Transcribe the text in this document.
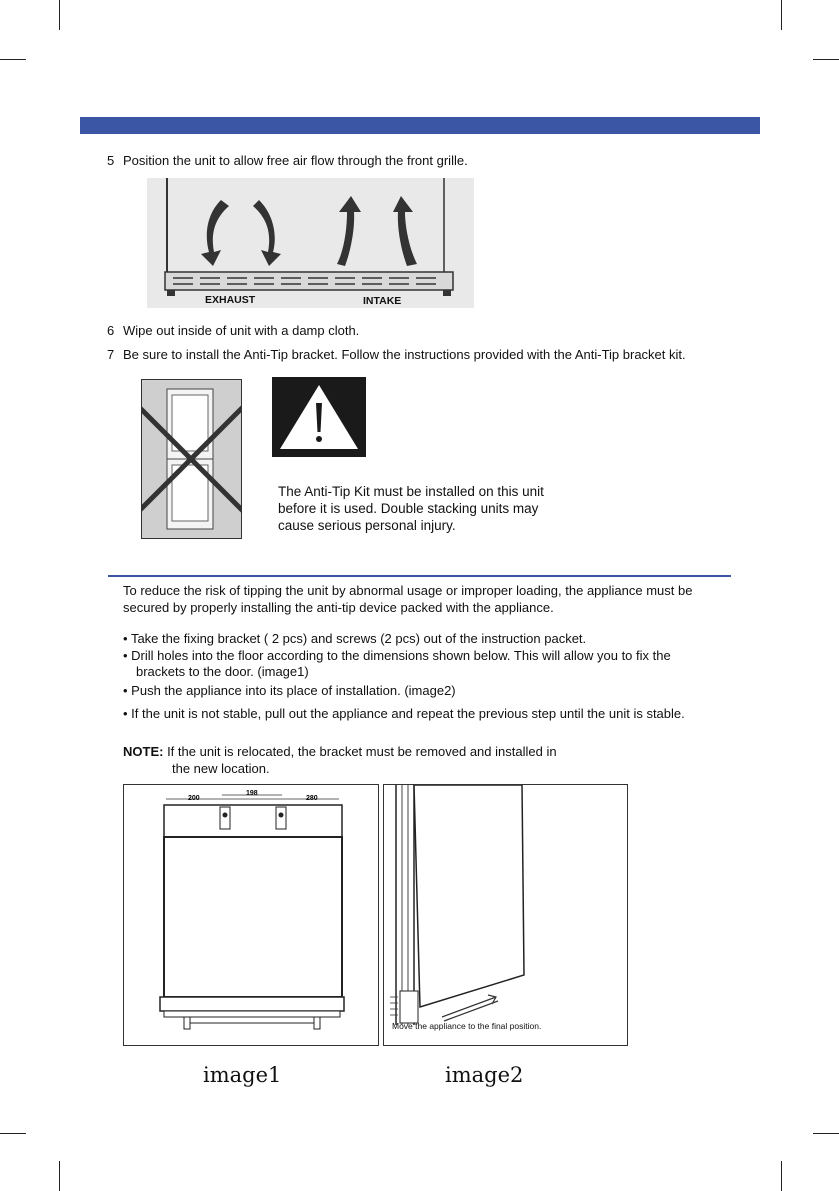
5 Position the unit to allow free air flow through the front grille.
EXHAUST	INTAKE
6 Wipe out inside of unit with a damp cloth.
7 Be sure to install the Anti-Tip bracket. Follow the instructions provided with the Anti-Tip bracket kit.
The Anti-Tip Kit must be installed on this unit
before it is used. Double stacking units may
cause serious personal injury.
To reduce the risk of tipping the unit by abnormal usage or improper loading, the appliance must be
secured by properly installing the anti-tip device packed with the appliance.
• Take the fixing bracket ( 2 pcs) and screws (2 pcs) out of the instruction packet.
• Drill holes into the floor according to the dimensions shown below. This will allow you to fix the
brackets to the door. (image1)
• Push the appliance into its place of installation. (image2)
• If the unit is not stable, pull out the appliance and repeat the previous step until the unit is stable.
NOTE: If the unit is relocated, the bracket must be removed and installed in
the new location.
200
198
280
Move the appliance to the final position.
image1	image2
